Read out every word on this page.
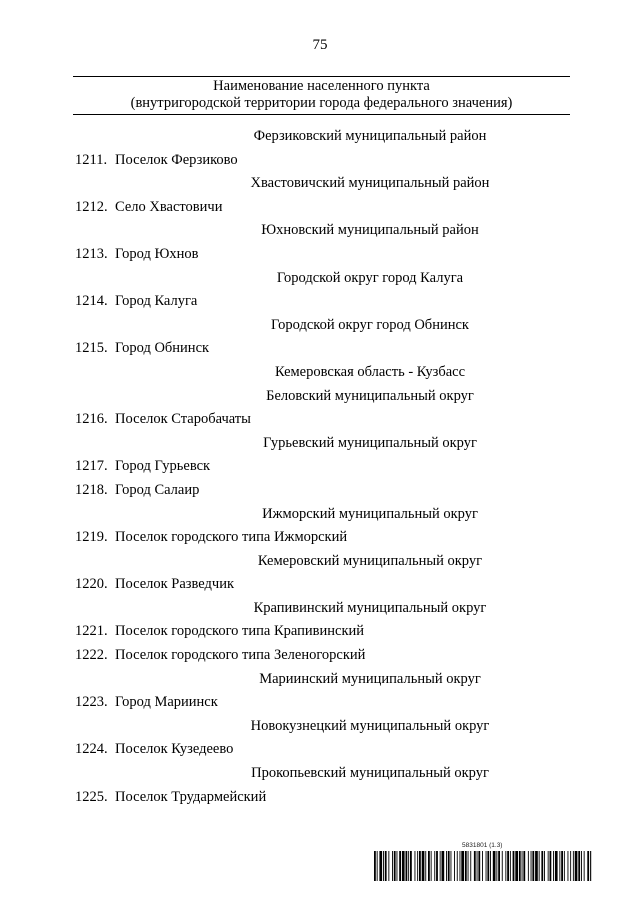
75
Наименование населенного пункта
(внутригородской территории города федерального значения)
Ферзиковский муниципальный район
1211. Поселок Ферзиково
Хвастовичский муниципальный район
1212. Село Хвастовичи
Юхновский муниципальный район
1213. Город Юхнов
Городской округ город Калуга
1214. Город Калуга
Городской округ город Обнинск
1215. Город Обнинск
Кемеровская область - Кузбасс
Беловский муниципальный округ
1216. Поселок Старобачаты
Гурьевский муниципальный округ
1217. Город Гурьевск
1218. Город Салаир
Ижморский муниципальный округ
1219. Поселок городского типа Ижморский
Кемеровский муниципальный округ
1220. Поселок Разведчик
Крапивинский муниципальный округ
1221. Поселок городского типа Крапивинский
1222. Поселок городского типа Зеленогорский
Мариинский муниципальный округ
1223. Город Мариинск
Новокузнецкий муниципальный округ
1224. Поселок Кузедеево
Прокопьевский муниципальный округ
1225. Поселок Трудармейский
5831801 (1.3)
